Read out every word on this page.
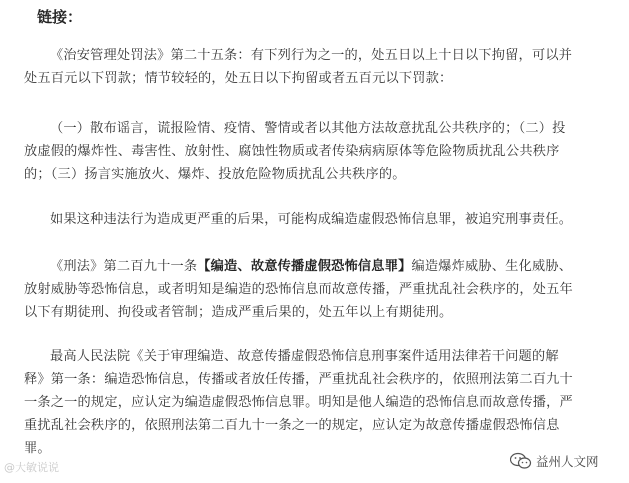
链接：
《治安管理处罚法》第二十五条：有下列行为之一的，处五日以上十日以下拘留，可以并
处五百元以下罚款；情节较轻的，处五日以下拘留或者五百元以下罚款：
（一）散布谣言，谎报险情、疫情、警情或者以其他方法故意扰乱公共秩序的；（二）投
放虚假的爆炸性、毒害性、放射性、腐蚀性物质或者传染病病原体等危险物质扰乱公共秩序
的；（三）扬言实施放火、爆炸、投放危险物质扰乱公共秩序的。
如果这种违法行为造成更严重的后果，可能构成编造虚假恐怖信息罪，被追究刑事责任。
《刑法》第二百九十一条【编造、故意传播虚假恐怖信息罪】编造爆炸威胁、生化威胁、
放射威胁等恐怖信息，或者明知是编造的恐怖信息而故意传播，严重扰乱社会秩序的，处五年
以下有期徒刑、拘役或者管制；造成严重后果的，处五年以上有期徒刑。
最高人民法院《关于审理编造、故意传播虚假恐怖信息刑事案件适用法律若干问题的解
释》第一条：编造恐怖信息，传播或者放任传播，严重扰乱社会秩序的，依照刑法第二百九十
一条之一的规定，应认定为编造虚假恐怖信息罪。明知是他人编造的恐怖信息而故意传播，严
重扰乱社会秩序的，依照刑法第二百九十一条之一的规定，应认定为故意传播虚假恐怖信息
罪。
@大敏说说	益州人文网
